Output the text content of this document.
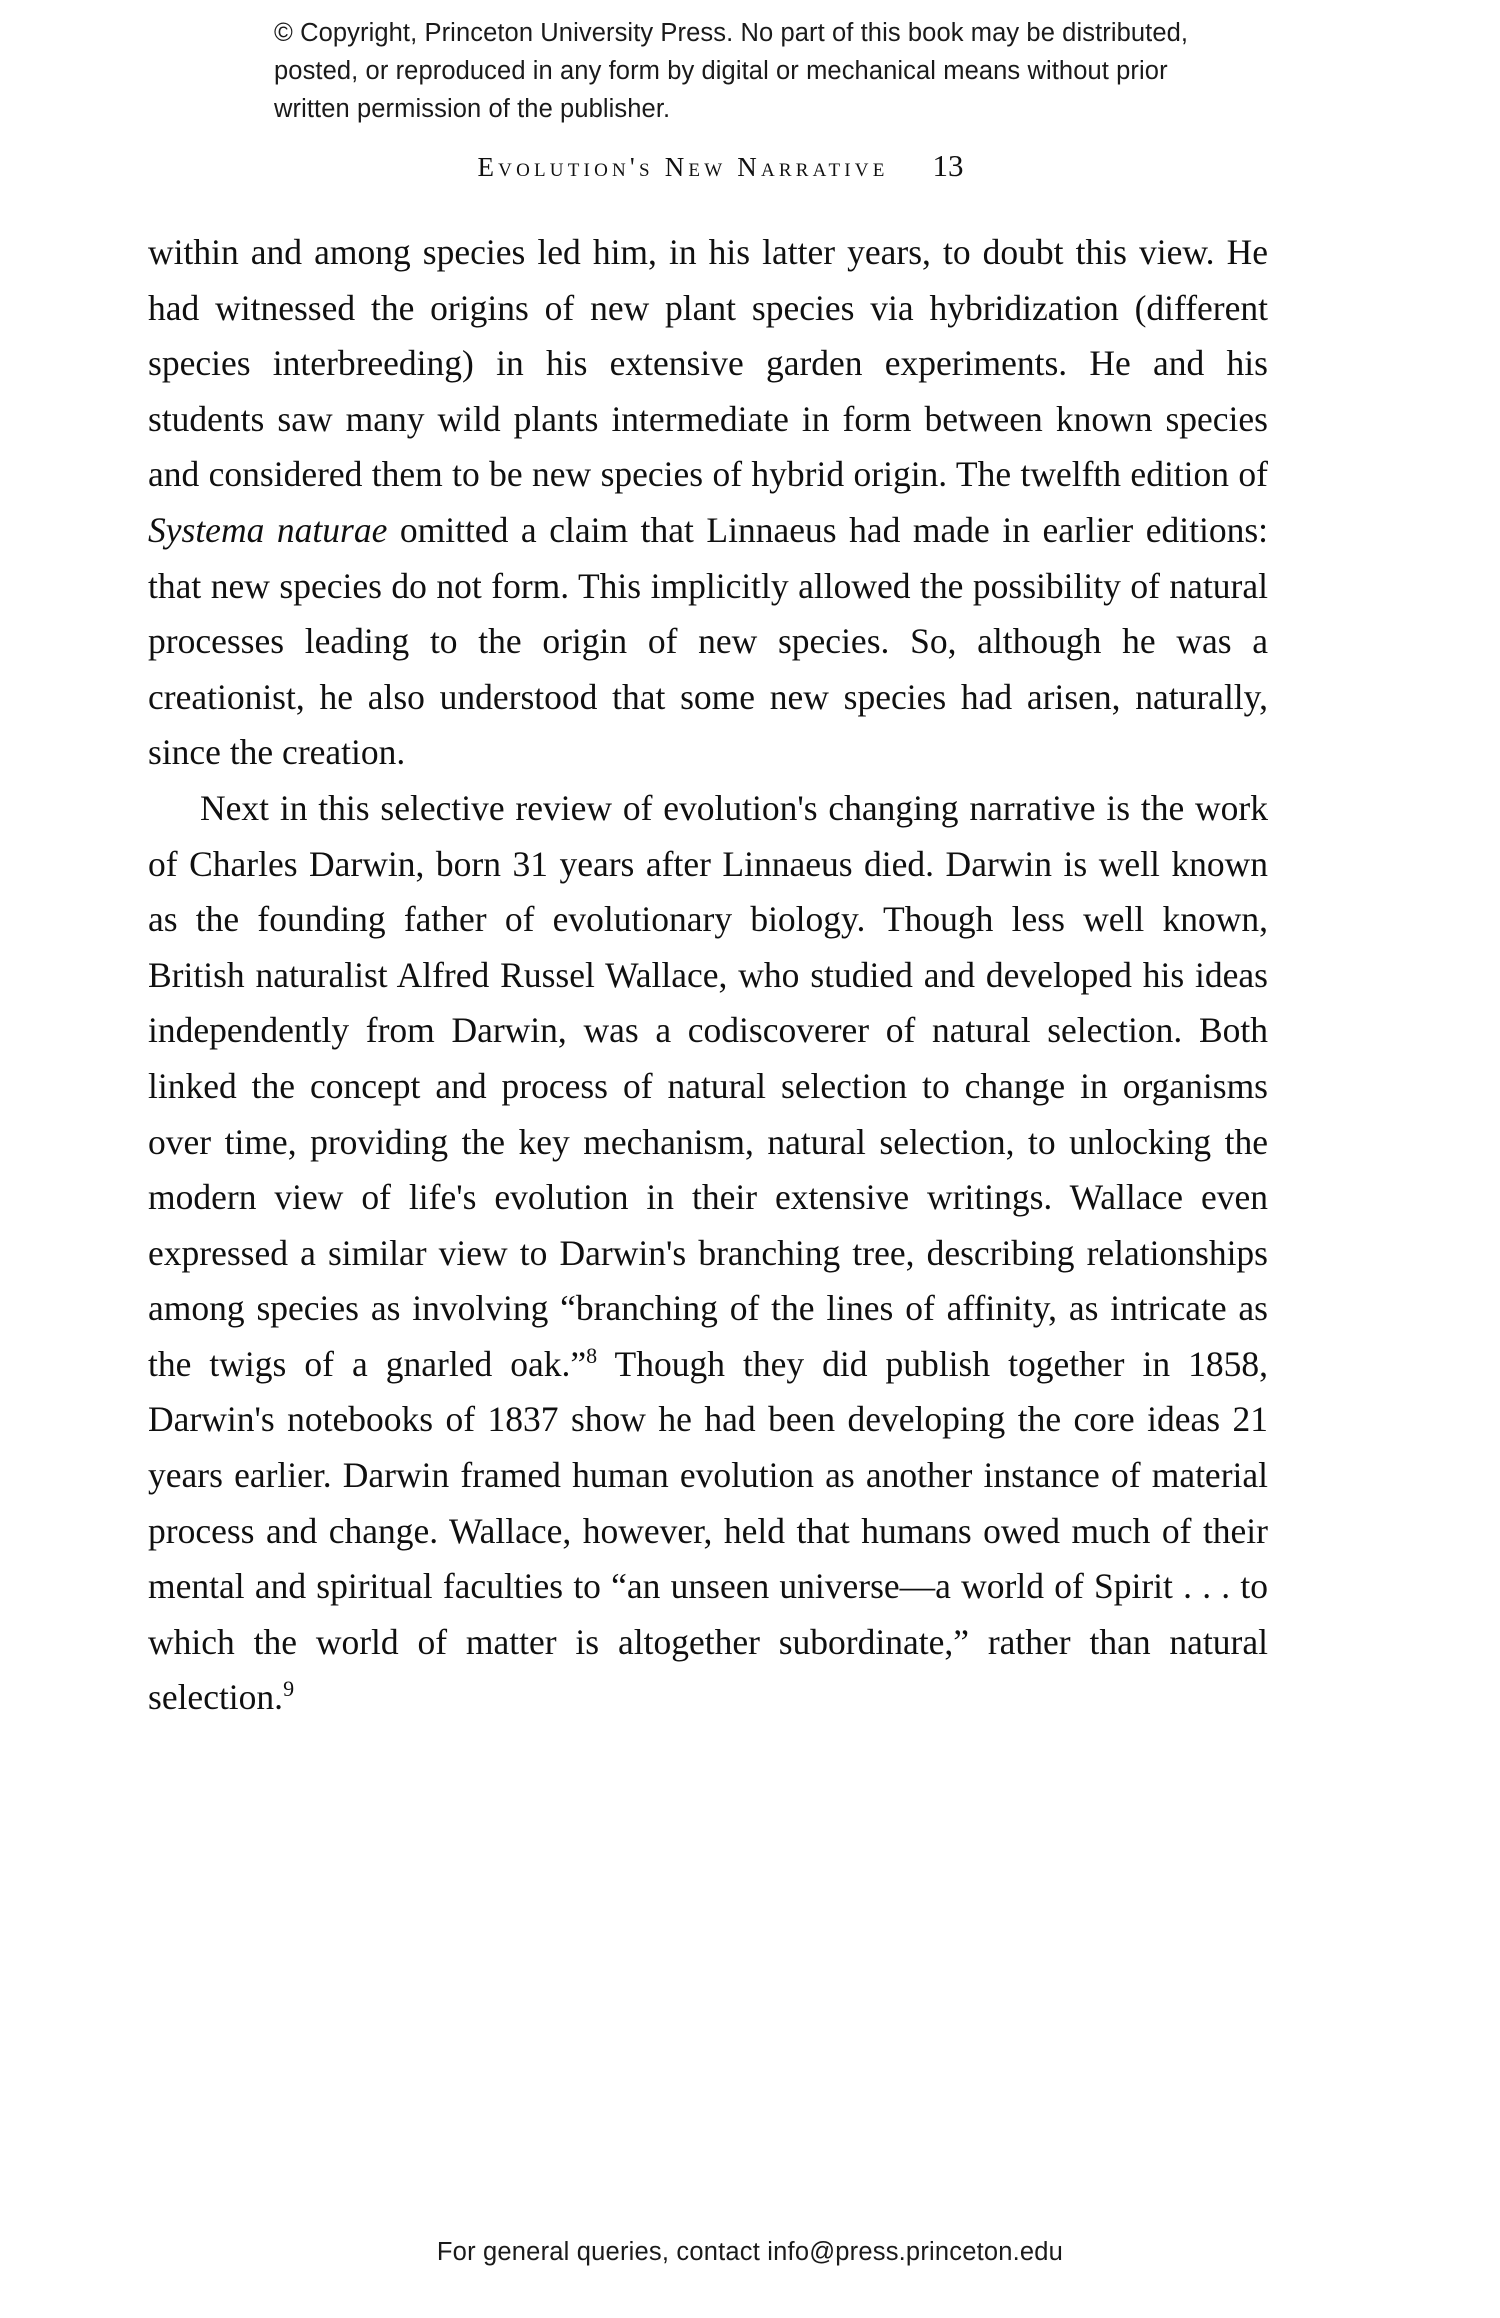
© Copyright, Princeton University Press. No part of this book may be distributed, posted, or reproduced in any form by digital or mechanical means without prior written permission of the publisher.
Evolution's New Narrative 13

within and among species led him, in his latter years, to doubt this view. He had witnessed the origins of new plant species via hybridization (different species interbreeding) in his extensive garden experiments. He and his students saw many wild plants intermediate in form between known species and considered them to be new species of hybrid origin. The twelfth edition of Systema naturae omitted a claim that Linnaeus had made in earlier editions: that new species do not form. This implicitly allowed the possibility of natural processes leading to the origin of new species. So, although he was a creationist, he also understood that some new species had arisen, naturally, since the creation.

Next in this selective review of evolution's changing narrative is the work of Charles Darwin, born 31 years after Linnaeus died. Darwin is well known as the founding father of evolutionary biology. Though less well known, British naturalist Alfred Russel Wallace, who studied and developed his ideas independently from Darwin, was a codiscoverer of natural selection. Both linked the concept and process of natural selection to change in organisms over time, providing the key mechanism, natural selection, to unlocking the modern view of life's evolution in their extensive writings. Wallace even expressed a similar view to Darwin's branching tree, describing relationships among species as involving “branching of the lines of affinity, as intricate as the twigs of a gnarled oak.”$^8$ Though they did publish together in 1858, Darwin's notebooks of 1837 show he had been developing the core ideas 21 years earlier. Darwin framed human evolution as another instance of material process and change. Wallace, however, held that humans owed much of their mental and spiritual faculties to “an unseen universe—a world of Spirit . . . to which the world of matter is altogether subordinate,” rather than natural selection.$^9$

For general queries, contact info@press.princeton.edu
